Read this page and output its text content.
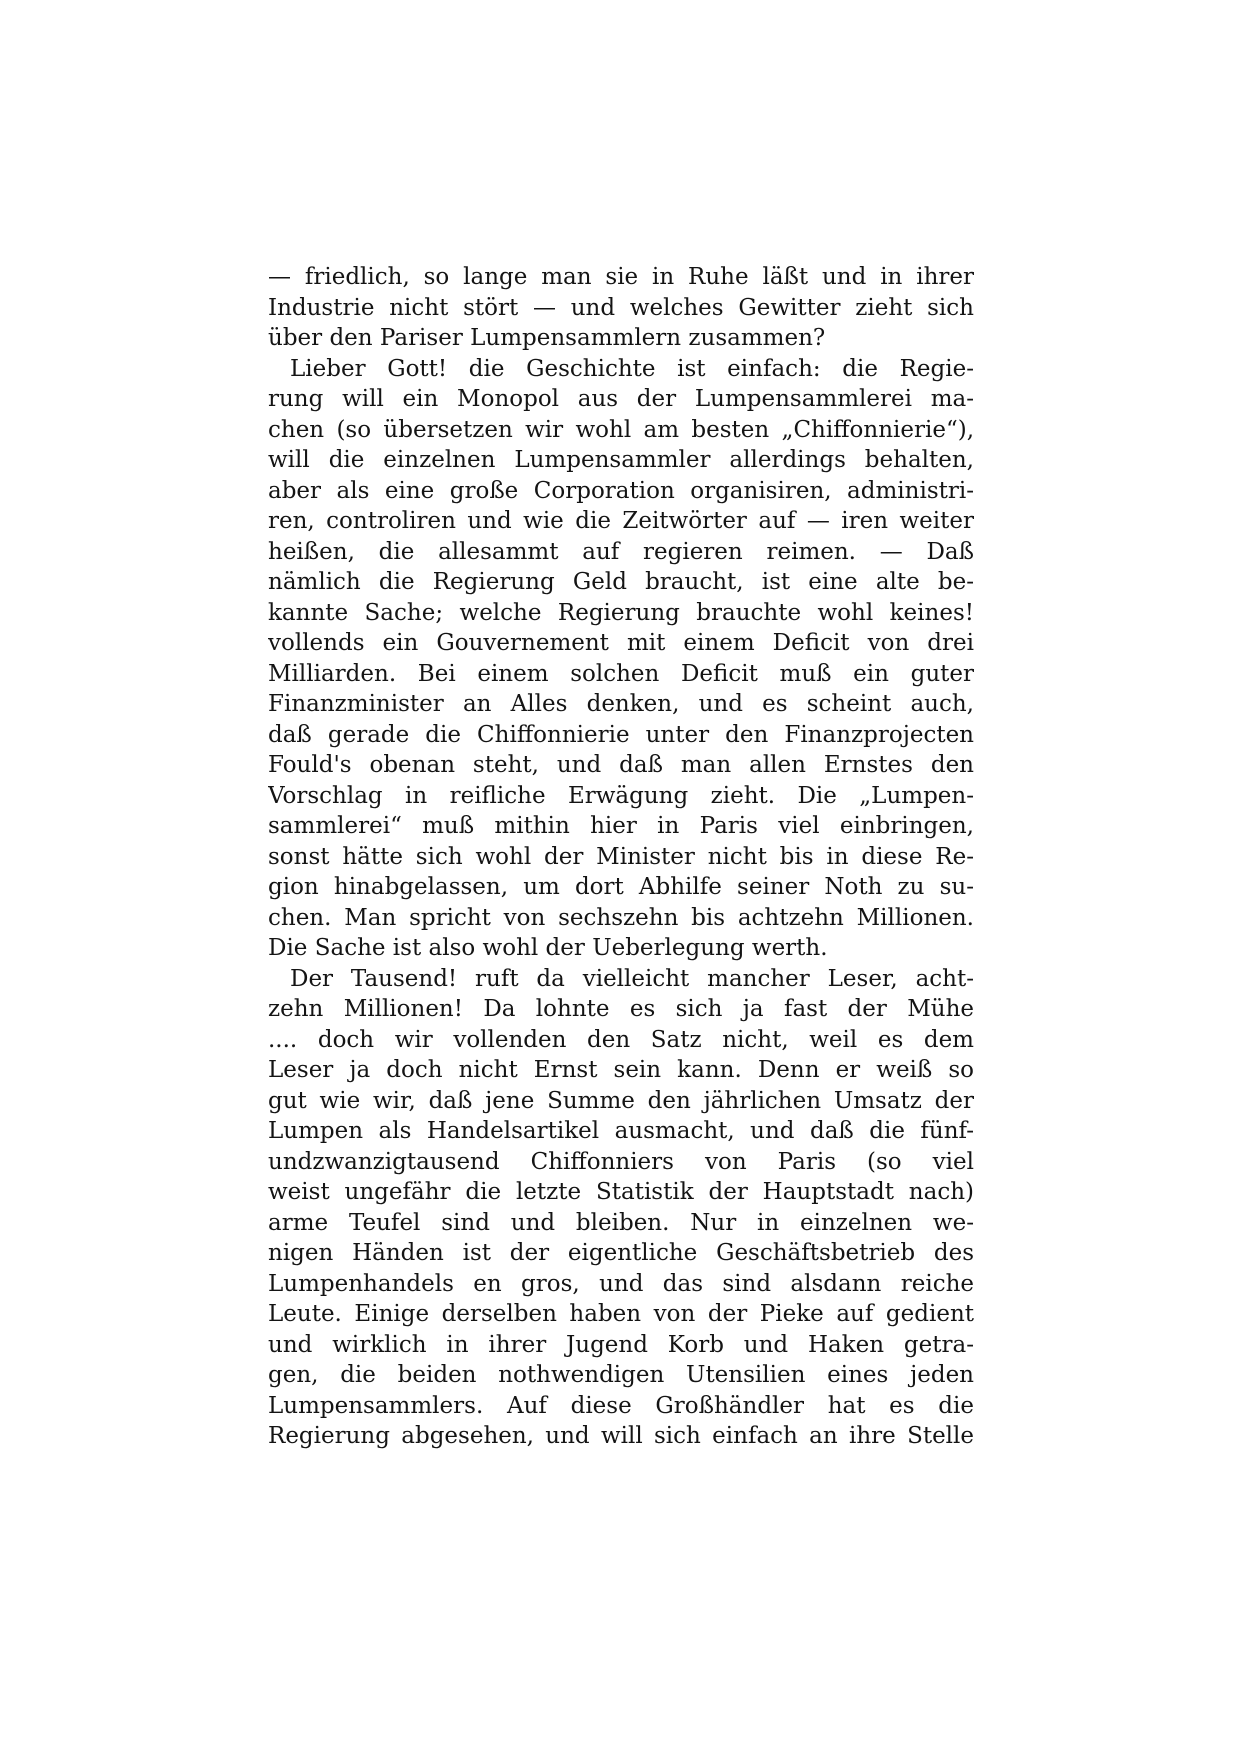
— friedlich, so lange man sie in Ruhe läßt und in ihrer
Industrie nicht stört — und welches Gewitter zieht sich
über den Pariser Lumpensammlern zusammen?
Lieber Gott! die Geschichte ist einfach: die Regie-
rung will ein Monopol aus der Lumpensammlerei ma-
chen (so übersetzen wir wohl am besten „Chiffonnierie“),
will die einzelnen Lumpensammler allerdings behalten,
aber als eine große Corporation organisiren, administri-
ren, controliren und wie die Zeitwörter auf — iren weiter
heißen, die allesammt auf regieren reimen. — Daß
nämlich die Regierung Geld braucht, ist eine alte be-
kannte Sache; welche Regierung brauchte wohl keines!
vollends ein Gouvernement mit einem Deficit von drei
Milliarden. Bei einem solchen Deficit muß ein guter
Finanzminister an Alles denken, und es scheint auch,
daß gerade die Chiffonnierie unter den Finanzprojecten
Fould's obenan steht, und daß man allen Ernstes den
Vorschlag in reifliche Erwägung zieht. Die „Lumpen-
sammlerei“ muß mithin hier in Paris viel einbringen,
sonst hätte sich wohl der Minister nicht bis in diese Re-
gion hinabgelassen, um dort Abhilfe seiner Noth zu su-
chen. Man spricht von sechszehn bis achtzehn Millionen.
Die Sache ist also wohl der Ueberlegung werth.
Der Tausend! ruft da vielleicht mancher Leser, acht-
zehn Millionen! Da lohnte es sich ja fast der Mühe
.... doch wir vollenden den Satz nicht, weil es dem
Leser ja doch nicht Ernst sein kann. Denn er weiß so
gut wie wir, daß jene Summe den jährlichen Umsatz der
Lumpen als Handelsartikel ausmacht, und daß die fünf-
undzwanzigtausend Chiffonniers von Paris (so viel
weist ungefähr die letzte Statistik der Hauptstadt nach)
arme Teufel sind und bleiben. Nur in einzelnen we-
nigen Händen ist der eigentliche Geschäftsbetrieb des
Lumpenhandels en gros, und das sind alsdann reiche
Leute. Einige derselben haben von der Pieke auf gedient
und wirklich in ihrer Jugend Korb und Haken getra-
gen, die beiden nothwendigen Utensilien eines jeden
Lumpensammlers. Auf diese Großhändler hat es die
Regierung abgesehen, und will sich einfach an ihre Stelle
